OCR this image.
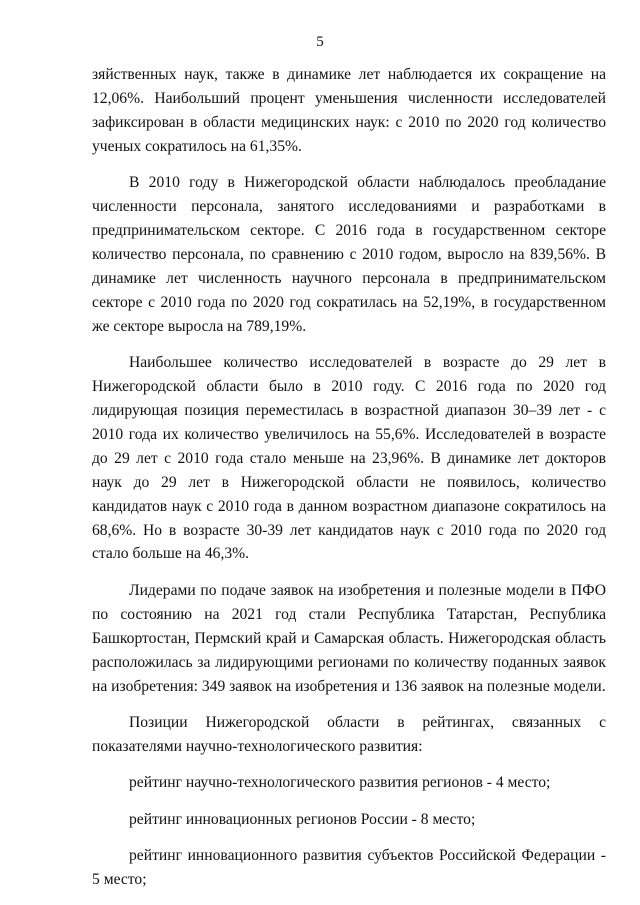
5

зяйственных наук, также в динамике лет наблюдается их сокращение на 12,06%. Наибольший процент уменьшения численности исследователей зафиксирован в области медицинских наук: с 2010 по 2020 год количество ученых сократилось на 61,35%.

В 2010 году в Нижегородской области наблюдалось преобладание численности персонала, занятого исследованиями и разработками в предпринимательском секторе. С 2016 года в государственном секторе количество персонала, по сравнению с 2010 годом, выросло на 839,56%. В динамике лет численность научного персонала в предпринимательском секторе с 2010 года по 2020 год сократилась на 52,19%, в государственном же секторе выросла на 789,19%.

Наибольшее количество исследователей в возрасте до 29 лет в Нижегородской области было в 2010 году. С 2016 года по 2020 год лидирующая позиция переместилась в возрастной диапазон 30–39 лет - с 2010 года их количество увеличилось на 55,6%. Исследователей в возрасте до 29 лет с 2010 года стало меньше на 23,96%. В динамике лет докторов наук до 29 лет в Нижегородской области не появилось, количество кандидатов наук с 2010 года в данном возрастном диапазоне сократилось на 68,6%. Но в возрасте 30-39 лет кандидатов наук с 2010 года по 2020 год стало больше на 46,3%.

Лидерами по подаче заявок на изобретения и полезные модели в ПФО по состоянию на 2021 год стали Республика Татарстан, Республика Башкортостан, Пермский край и Самарская область. Нижегородская область расположилась за лидирующими регионами по количеству поданных заявок на изобретения: 349 заявок на изобретения и 136 заявок на полезные модели.

Позиции Нижегородской области в рейтингах, связанных с показателями научно-технологического развития:

рейтинг научно-технологического развития регионов - 4 место;

рейтинг инновационных регионов России - 8 место;

рейтинг инновационного развития субъектов Российской Федерации - 5 место;
